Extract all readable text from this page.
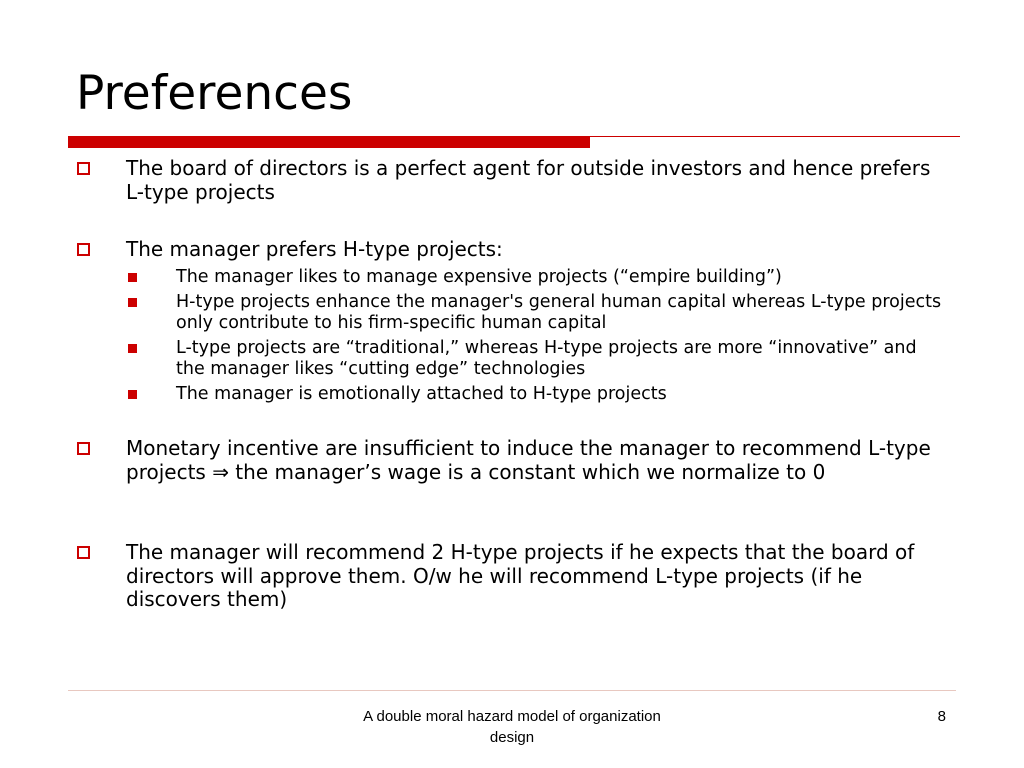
Preferences
The board of directors is a perfect agent for outside investors and hence prefers L-type projects
The manager prefers H-type projects:
The manager likes to manage expensive projects (“empire building”)
H-type projects enhance the manager's general human capital whereas L-type projects only contribute to his firm-specific human capital
L-type projects are “traditional,” whereas H-type projects are more “innovative” and the manager likes “cutting edge” technologies
The manager is emotionally attached to H-type projects
Monetary incentive are insufficient to induce the manager to recommend L-type projects ⇒ the manager’s wage is a constant which we normalize to 0
The manager will recommend 2 H-type projects if he expects that the board of directors will approve them. O/w he will recommend L-type projects (if he discovers them)
A double moral hazard model of organization design
8
